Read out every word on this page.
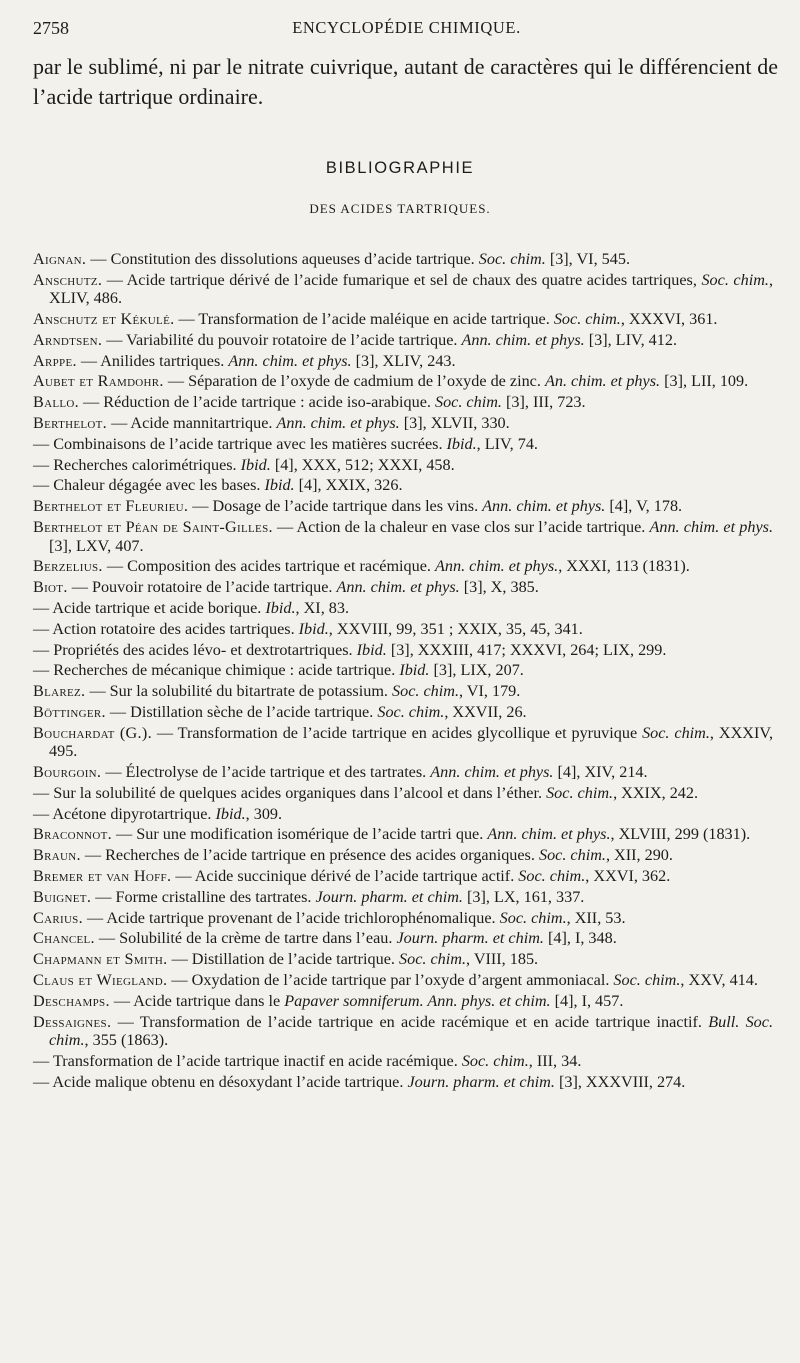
2758	ENCYCLOPÉDIE CHIMIQUE.
par le sublimé, ni par le nitrate cuivrique, autant de caractères qui le différencient de l’acide tartrique ordinaire.
BIBLIOGRAPHIE
DES ACIDES TARTRIQUES.

Aignan. — Constitution des dissolutions aqueuses d’acide tartrique. Soc. chim. [3], VI, 545.

Anschutz. — Acide tartrique dérivé de l’acide fumarique et sel de chaux des quatre acides tartriques, Soc. chim., XLIV, 486.

Anschutz et Kékulé. — Transformation de l’acide maléique en acide tartrique. Soc. chim., XXXVI, 361.

Arndtsen. — Variabilité du pouvoir rotatoire de l’acide tartrique. Ann. chim. et phys. [3], LIV, 412.

Arppe. — Anilides tartriques. Ann. chim. et phys. [3], XLIV, 243.

Aubet et Ramdohr. — Séparation de l’oxyde de cadmium de l’oxyde de zinc. An. chim. et phys. [3], LII, 109.

Ballo. — Réduction de l’acide tartrique : acide iso-arabique. Soc. chim. [3], III, 723.

Berthelot. — Acide mannitartrique. Ann. chim. et phys. [3], XLVII, 330.

— Combinaisons de l’acide tartrique avec les matières sucrées. Ibid., LIV, 74.

— Recherches calorimétriques. Ibid. [4], XXX, 512; XXXI, 458.

— Chaleur dégagée avec les bases. Ibid. [4], XXIX, 326.

Berthelot et Fleurieu. — Dosage de l’acide tartrique dans les vins. Ann. chim. et phys. [4], V, 178.

Berthelot et Péan de Saint-Gilles. — Action de la chaleur en vase clos sur l’acide tartrique. Ann. chim. et phys. [3], LXV, 407.

Berzelius. — Composition des acides tartrique et racémique. Ann. chim. et phys., XXXI, 113 (1831).

Biot. — Pouvoir rotatoire de l’acide tartrique. Ann. chim. et phys. [3], X, 385.

— Acide tartrique et acide borique. Ibid., XI, 83.

— Action rotatoire des acides tartriques. Ibid., XXVIII, 99, 351 ; XXIX, 35, 45, 341.

— Propriétés des acides lévo- et dextrotartriques. Ibid. [3], XXXIII, 417; XXXVI, 264; LIX, 299.

— Recherches de mécanique chimique : acide tartrique. Ibid. [3], LIX, 207.

Blarez. — Sur la solubilité du bitartrate de potassium. Soc. chim., VI, 179.

Böttinger. — Distillation sèche de l’acide tartrique. Soc. chim., XXVII, 26.

Bouchardat (G.). — Transformation de l’acide tartrique en acides glycollique et pyruvique Soc. chim., XXXIV, 495.

Bourgoin. — Électrolyse de l’acide tartrique et des tartrates. Ann. chim. et phys. [4], XIV, 214.

— Sur la solubilité de quelques acides organiques dans l’alcool et dans l’éther. Soc. chim., XXIX, 242.

— Acétone dipyrotartrique. Ibid., 309.

Braconnot. — Sur une modification isomérique de l’acide tartri que. Ann. chim. et phys., XLVIII, 299 (1831).

Braun. — Recherches de l’acide tartrique en présence des acides organiques. Soc. chim., XII, 290.

Bremer et van Hoff. — Acide succinique dérivé de l’acide tartrique actif. Soc. chim., XXVI, 362.

Buignet. — Forme cristalline des tartrates. Journ. pharm. et chim. [3], LX, 161, 337.

Carius. — Acide tartrique provenant de l’acide trichlorophénomalique. Soc. chim., XII, 53.

Chancel. — Solubilité de la crème de tartre dans l’eau. Journ. pharm. et chim. [4], I, 348.

Chapmann et Smith. — Distillation de l’acide tartrique. Soc. chim., VIII, 185.

Claus et Wiegland. — Oxydation de l’acide tartrique par l’oxyde d’argent ammoniacal. Soc. chim., XXV, 414.

Deschamps. — Acide tartrique dans le Papaver somniferum. Ann. phys. et chim. [4], I, 457.

Dessaignes. — Transformation de l’acide tartrique en acide racémique et en acide tartrique inactif. Bull. Soc. chim., 355 (1863).

— Transformation de l’acide tartrique inactif en acide racémique. Soc. chim., III, 34.

— Acide malique obtenu en désoxydant l’acide tartrique. Journ. pharm. et chim. [3], XXXVIII, 274.
